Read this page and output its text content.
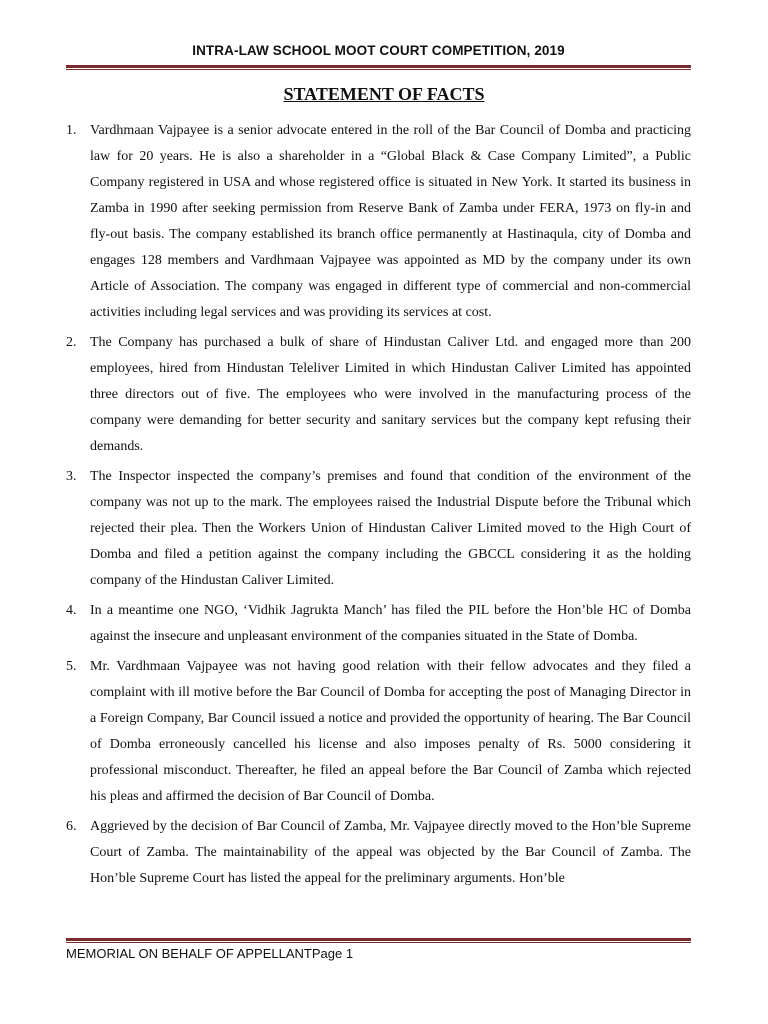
INTRA-LAW SCHOOL MOOT COURT COMPETITION, 2019
STATEMENT OF FACTS
1. Vardhmaan Vajpayee is a senior advocate entered in the roll of the Bar Council of Domba and practicing law for 20 years. He is also a shareholder in a “Global Black & Case Company Limited”, a Public Company registered in USA and whose registered office is situated in New York. It started its business in Zamba in 1990 after seeking permission from Reserve Bank of Zamba under FERA, 1973 on fly-in and fly-out basis. The company established its branch office permanently at Hastinaqula, city of Domba and engages 128 members and Vardhmaan Vajpayee was appointed as MD by the company under its own Article of Association. The company was engaged in different type of commercial and non-commercial activities including legal services and was providing its services at cost.
2. The Company has purchased a bulk of share of Hindustan Caliver Ltd. and engaged more than 200 employees, hired from Hindustan Teleliver Limited in which Hindustan Caliver Limited has appointed three directors out of five. The employees who were involved in the manufacturing process of the company were demanding for better security and sanitary services but the company kept refusing their demands.
3. The Inspector inspected the company’s premises and found that condition of the environment of the company was not up to the mark. The employees raised the Industrial Dispute before the Tribunal which rejected their plea. Then the Workers Union of Hindustan Caliver Limited moved to the High Court of Domba and filed a petition against the company including the GBCCL considering it as the holding company of the Hindustan Caliver Limited.
4. In a meantime one NGO, ‘Vidhik Jagrukta Manch’ has filed the PIL before the Hon’ble HC of Domba against the insecure and unpleasant environment of the companies situated in the State of Domba.
5. Mr. Vardhmaan Vajpayee was not having good relation with their fellow advocates and they filed a complaint with ill motive before the Bar Council of Domba for accepting the post of Managing Director in a Foreign Company, Bar Council issued a notice and provided the opportunity of hearing. The Bar Council of Domba erroneously cancelled his license and also imposes penalty of Rs. 5000 considering it professional misconduct. Thereafter, he filed an appeal before the Bar Council of Zamba which rejected his pleas and affirmed the decision of Bar Council of Domba.
6. Aggrieved by the decision of Bar Council of Zamba, Mr. Vajpayee directly moved to the Hon’ble Supreme Court of Zamba. The maintainability of the appeal was objected by the Bar Council of Zamba. The Hon’ble Supreme Court has listed the appeal for the preliminary arguments. Hon’ble
MEMORIAL ON BEHALF OF APPELLANTPage 1
